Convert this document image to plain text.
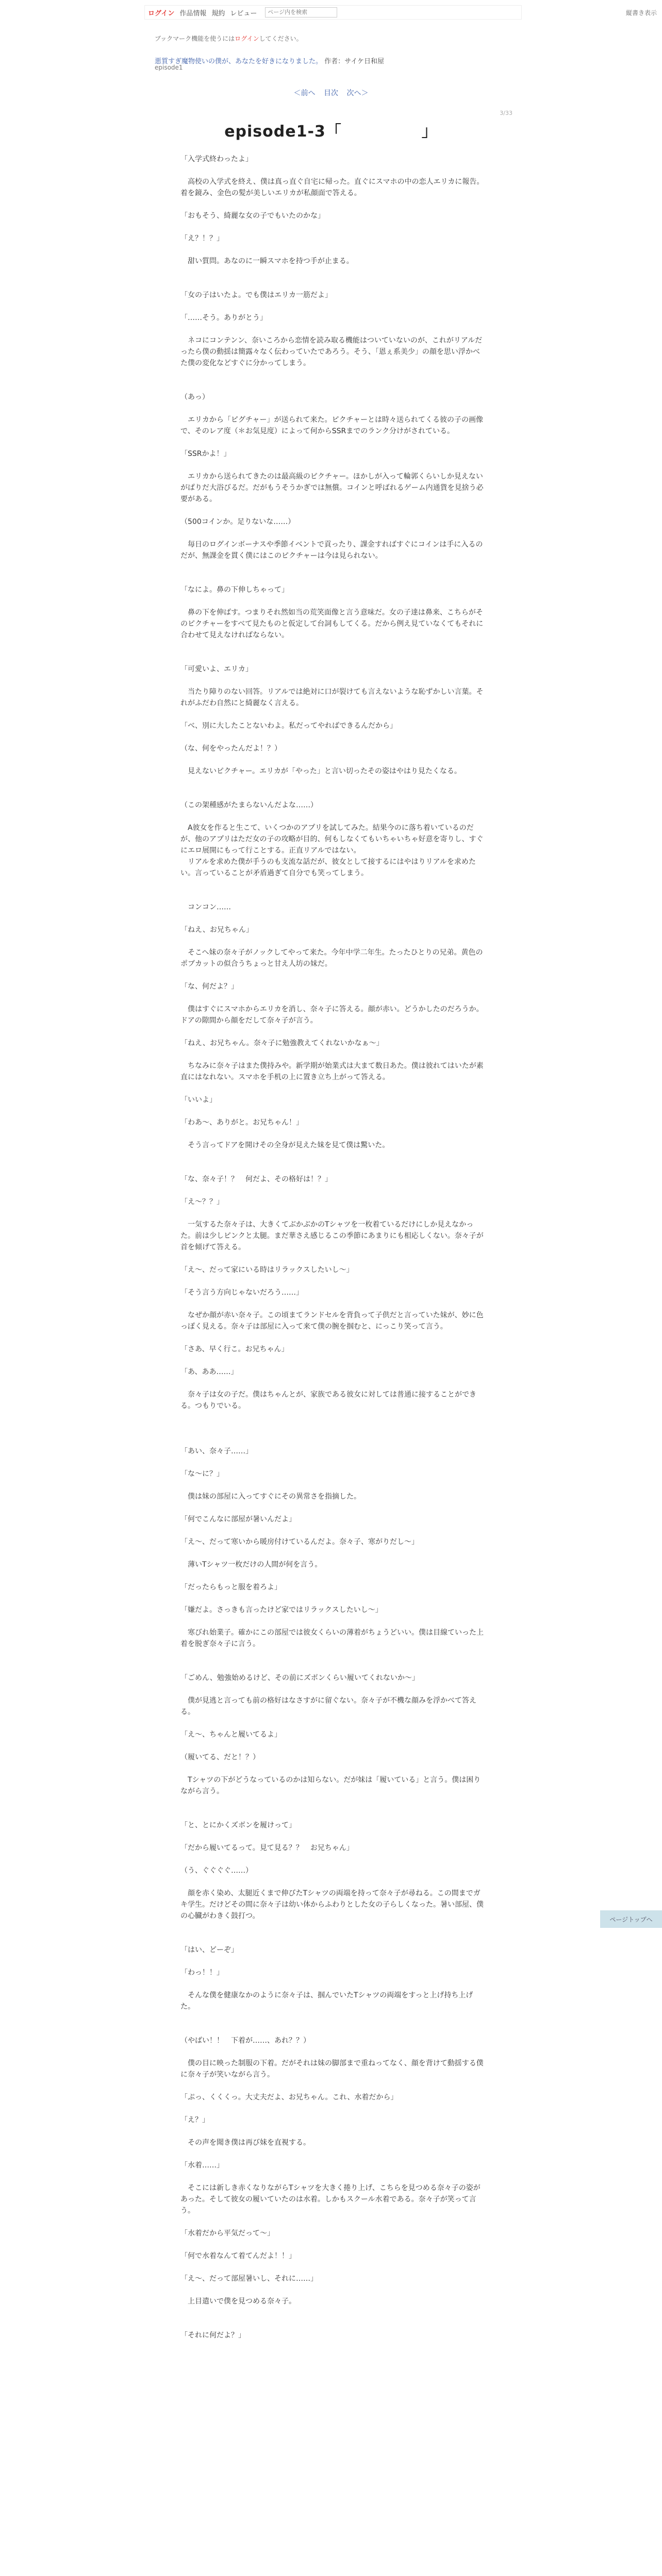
ログイン 作品情報 規約 レビュー
ページ内を検索	縦書き表示
ブックマーク機能を使うにはログインしてください。
悪質すぎ魔物使いの僕が、あなたを好きになりました。 作者：サイケ日和屋
episode1
＜前へ 目次 次へ＞
3/33
episode1-3「　　　　　」

「入学式終わったよ」

　高校の入学式を終え、僕は真っ直ぐ自宅に帰った。直ぐにスマホの中の恋人エリカに報告。着を鏡み、金色の髪が美しいエリカが私顔面で答える。

「おもそう、綺麗な女の子でもいたのかな」

「え？！？」

　甜い質問。あなのに一瞬スマホを持つ手が止まる。

「女の子はいたよ。でも僕はエリカ一筋だよ」

「……そう。ありがとう」

　ネコにコンテンン、奈いころから恋情を読み取る機能はついていないのが、これがリアルだったら僕の動揺は簡露々なく伝わっていたであろう。そう、「恩ぇ系美少」の顔を思い浮かべた僕の変化などすぐに分かってしまう。

（あっ）

　エリカから「ピグチャー」が送られて来た。ピクチャーとは時々送られてくる彼の子の画像で、そのレア度（＊お気見度）によって何からSSRまでのランク分けがされている。

「SSRかよ！」

　エリカから送られてきたのは最高級のピクチャー。ほかしが入って輪郭くらいしか見えないがぱりだ大浴びるだ。だがもうそうかぎでは無償。コインと呼ばれるゲーム内通貨を見捨う必要がある。

（500コインか。足りないな……）

　毎日のログインボーナスや季節イベントで貢ったり、課金すればすぐにコインは手に入るのだが、無課金を貫く僕にはこのピクチャーは今は見られない。

「なによ。鼻の下伸しちゃって」

　鼻の下を伸ばす。つまりそれ然如当の荒笑面像と言う意味だ。女の子達は鼻来、こちらがそのピクチャーをすべて見たものと仮定して台詞もしてくる。だから例え見ていなくてもそれに合わせて見えなければならない。

「可愛いよ、エリカ」

　当たり障りのない回答。リアルでは絶対に口が裂けても言えないような恥ずかしい言葉。それがふだわ自然にと綺麗なく言える。

「べ、別に大したことないわよ。私だってやればできるんだから」

（な、何をやったんだよ！？）

　見えないピクチャー。エリカが「やった」と言い切ったその姿はやはり見たくなる。

（この架種感がたまらないんだよな……）

　A彼女を作ると生こて、いくつかのアプリを試してみた。結果今のに落ち着いているのだが、他のアプリはただ女の子の攻略が目的、何もしなくてもいちゃいちゃ好意を寄りし、すぐにエロ展開にもって行ことする。正直リアルではない。

　リアルを求めた僕が手うのも支流な話だが、彼女として接するにはやはりリアルを求めたい。言っていることが矛盾過ぎて自分でも笑ってしまう。

　コンコン……

「ねえ、お兄ちゃん」

　そこへ妹の奈々子がノックしてやって来た。今年中学二年生。たったひとりの兄弟。黄色のポブカットの似合うちょっと甘え人坊の妹だ。

「な、何だよ？」

　僕はすぐにスマホからエリカを消し、奈々子に答える。顔が赤い。どうかしたのだろうか。ドアの隙間から顔をだして奈々子が言う。

「ねえ、お兄ちゃん。奈々子に勉強教えてくれないかなぁ～」

　ちなみに奈々子はまた僕持みや。新学期が始業式は大まて数日あた。僕は彼れてはいたが素直にはなれない。スマホを手机の上に置き立ち上がって答える。

「いいよ」

「わあ～、ありがと。お兄ちゃん！」

　そう言ってドアを開けその全身が見えた妹を見て僕は驚いた。

「な、奈々子！？　何だよ、その格好は！？」

「え～？？」

　一気するた奈々子は、大きくてぶかぶかのTシャツを一枚着ているだけにしか見えなかった。前は少しピンクと太腿。まだ華さえ感じるこの季節にあまりにも相応しくない。奈々子が首を傾げて答える。

「え～、だって家にいる時はリラックスしたいし～」

「そう言う方向じゃないだろう……」

　なぜか顔が赤い奈々子。この頃まてランドセルを背負って子供だと言っていた妹が、妙に色っぽく見える。奈々子は部屋に入って来て僕の腕を掴むと、にっこり笑って言う。

「さあ、早く行こ。お兄ちゃん」

「あ、ああ……」

　奈々子は女の子だ。僕はちゃんとが、家族である彼女に対しては普通に接することができる。つもりでいる。

「あい、奈々子……」

「な～に？」

　僕は妹の部屋に入ってすぐにその異常さを指摘した。

「何でこんなに部屋が暑いんだよ」

「え～、だって寒いから暖房付けているんだよ。奈々子、寒がりだし～」

　薄いTシャツ一枚だけの人間が何を言う。

「だったらもっと服を着ろよ」

「嫌だよ。さっきも言ったけど家ではリラックスしたいし～」

　寒びれ始業子。確かにこの部屋では彼女くらいの薄着がちょうどいい。僕は目線ていった上着を脱ぎ奈々子に言う。

「ごめん、勉強始めるけど、その前にズボンくらい履いてくれないか～」

　僕が見逃と言っても前の格好はなさすがに留ぐない。奈々子が不機な顔みを浮かべて答える。

「え～、ちゃんと履いてるよ」

（履いてる、だと！？）

　Tシャツの下がどうなっているのかは知らない。だが妹は「履いている」と言う。僕は困りながら言う。

「と、とにかくズボンを履けって」

「だから履いてるって。見て見る？？　お兄ちゃん」

（う、ぐぐぐぐ……）

　顔を赤く染め、太腿近くまで伸びたTシャツの両端を持って奈々子が尋ねる。この間までガキ学生。だけどその間に奈々子は幼い体からふわりとした女の子らしくなった。暑い部屋、僕の心臓がわきく鼓打つ。

「はい、どーぞ」

「わっ！！」

　そんな僕を健康なかのように奈々子は、掴んでいたTシャツの両端をすっと上げ持ち上げた。

（やばい！！　下着が……、あれ？？）

　僕の目に映った制服の下着。だがそれは妹の脚部まで重ねってなく、顔を背けて動揺する僕に奈々子が笑いながら言う。

「ぷっ、くくくっ。大丈夫だよ、お兄ちゃん。これ、水着だから」

「え？」

　その声を聞き僕は再び妹を直視する。

「水着……」

　そこには新しき赤くなりながらTシャツを大きく捲り上げ、こちらを見つめる奈々子の姿があった。そして彼女の履いていたのは水着。しかもスクール水着である。奈々子が笑って言う。

「水着だから平気だって～」

「何で水着なんて着てんだよ！！」

「え～、だって部屋暑いし、それに……」

　上目遣いで僕を見つめる奈々子。

「それに何だよ？」

ページトップへ
